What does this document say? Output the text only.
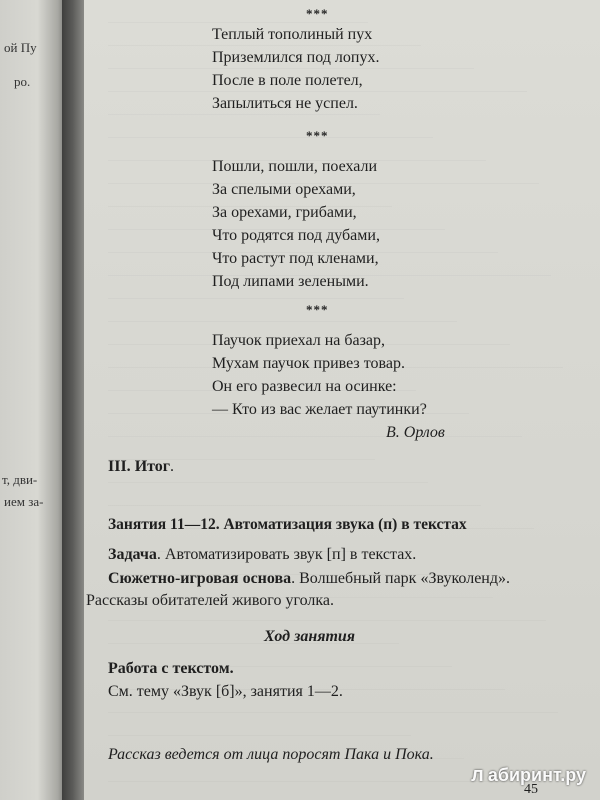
ой Пу
ро.
т, дви-
ием за-
***
Теплый тополиный пух
Приземлился под лопух.
После в поле полетел,
Запылиться не успел.
***
Пошли, пошли, поехали
За спелыми орехами,
За орехами, грибами,
Что родятся под дубами,
Что растут под кленами,
Под липами зелеными.
***
Паучок приехал на базар,
Мухам паучок привез товар.
Он его развесил на осинке:
— Кто из вас желает паутинки?
В. Орлов
III. Итог.
Занятия 11—12. Автоматизация звука (п) в текстах
Задача. Автоматизировать звук [п] в текстах.
Сюжетно-игровая основа. Волшебный парк «Звуколенд».
Рассказы обитателей живого уголка.
Ход занятия
Работа с текстом.
См. тему «Звук [б]», занятия 1—2.
Рассказ ведется от лица поросят Пака и Пока.
45
л абиринт.ру
